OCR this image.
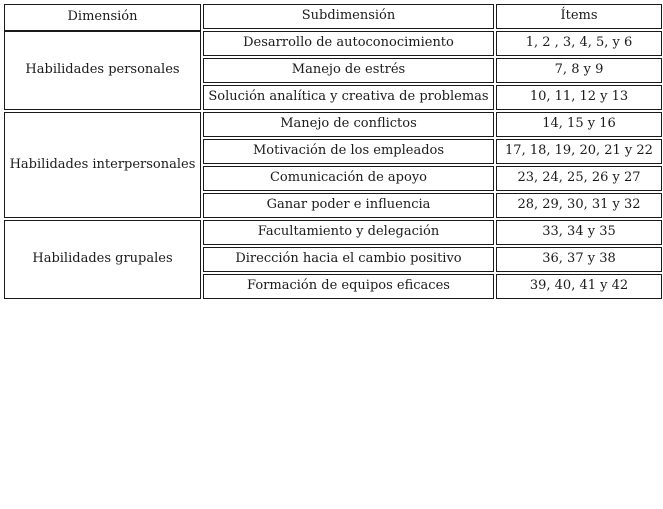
Dimensión	Subdimensión	Ítems
Habilidades personales
Desarrollo de autoconocimiento	1, 2 , 3, 4, 5, y 6
Manejo de estrés	7, 8 y 9
Solución analítica y creativa de problemas	10, 11, 12 y 13
Habilidades interpersonales
Manejo de conflictos	14, 15 y 16
Motivación de los empleados	17, 18, 19, 20, 21 y 22
Comunicación de apoyo	23, 24, 25, 26 y 27
Ganar poder e influencia	28, 29, 30, 31 y 32
Habilidades grupales
Facultamiento y delegación	33, 34 y 35
Dirección hacia el cambio positivo	36, 37 y 38
Formación de equipos eficaces	39, 40, 41 y 42
